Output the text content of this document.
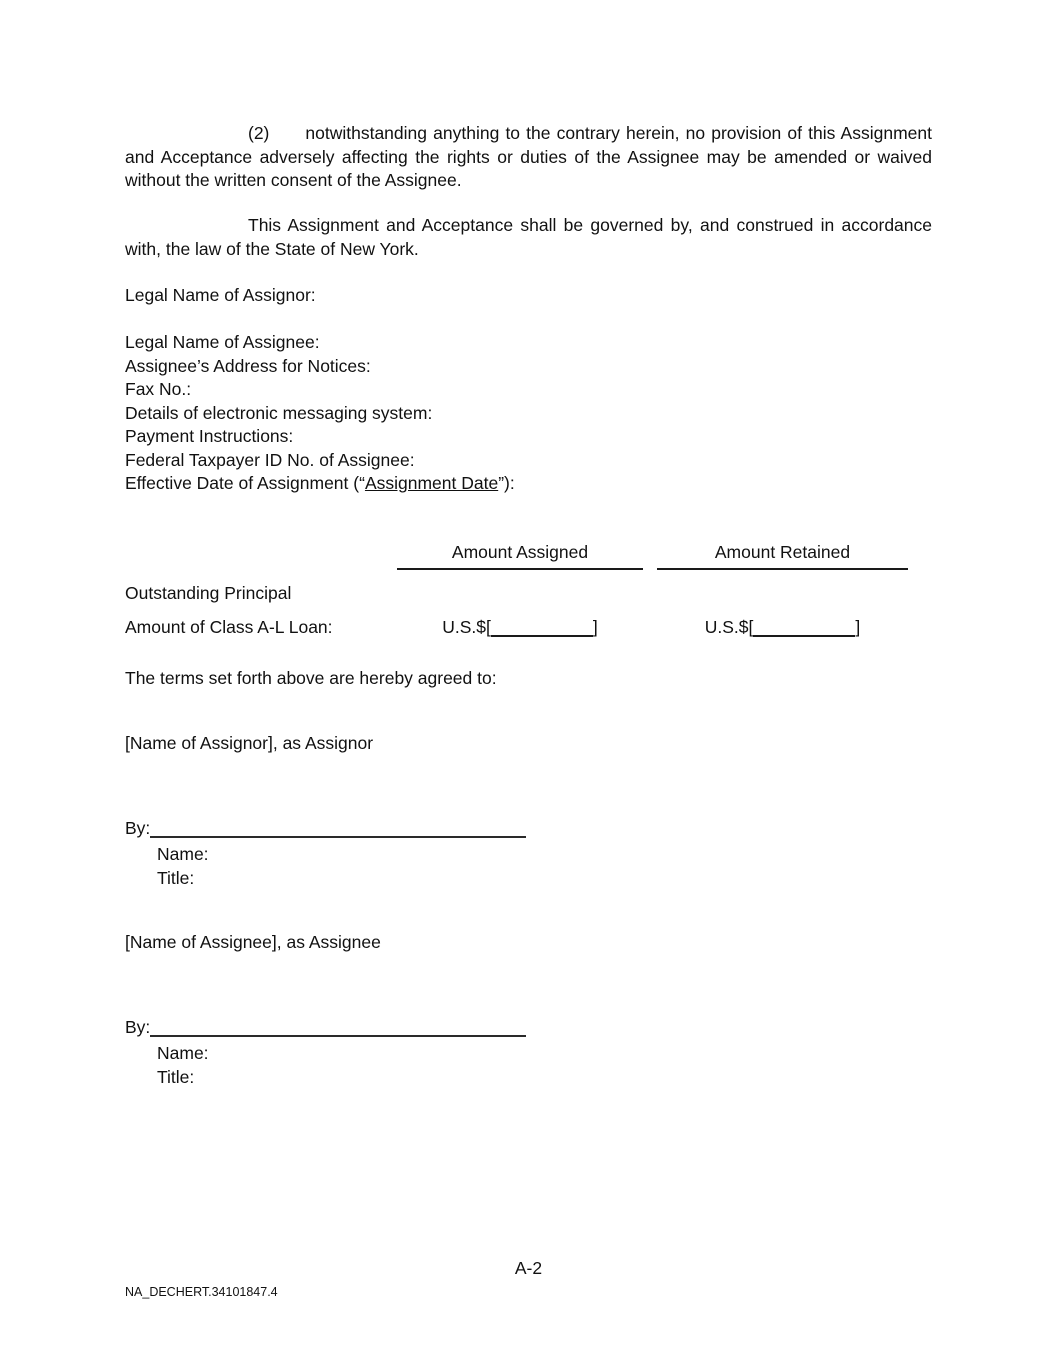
(2) notwithstanding anything to the contrary herein, no provision of this Assignment and Acceptance adversely affecting the rights or duties of the Assignee may be amended or waived without the written consent of the Assignee.

This Assignment and Acceptance shall be governed by, and construed in accordance with, the law of the State of New York.

Legal Name of Assignor:
Legal Name of Assignee:
Assignee’s Address for Notices:
Fax No.:
Details of electronic messaging system:
Payment Instructions:
Federal Taxpayer ID No. of Assignee:
Effective Date of Assignment (“Assignment Date”):
Amount Assigned	Amount Retained
Outstanding Principal
Amount of Class A-L Loan:	U.S.$[	]	U.S.$[	]
The terms set forth above are hereby agreed to:
[Name of Assignor], as Assignor
By:
Name:
Title:
[Name of Assignee], as Assignee
By:
Name:
Title:
A-2
NA_DECHERT.34101847.4
